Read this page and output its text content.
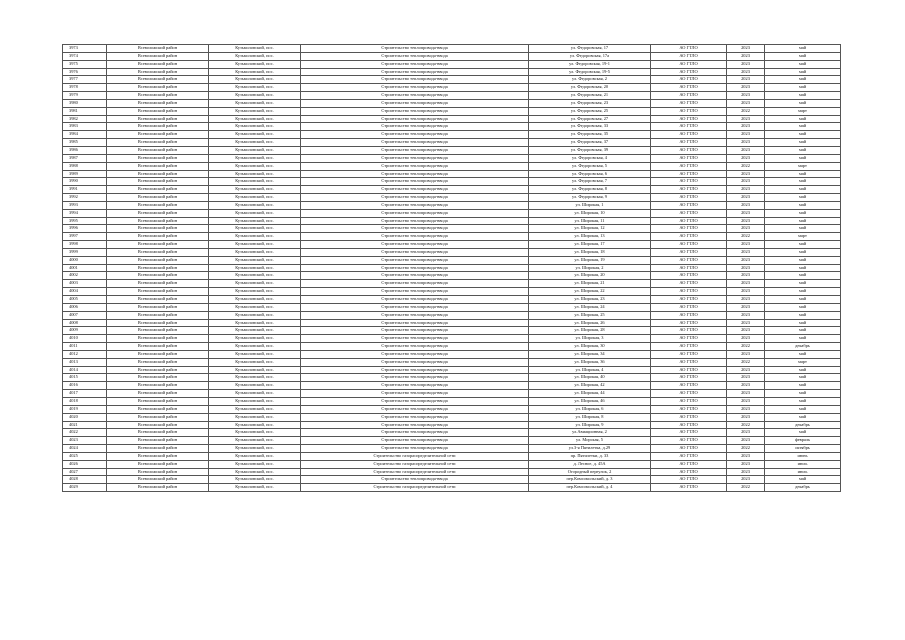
3973	Всеволожский район	Кузьмоловский, пос.	Строительство теплопровода-ввода	ул. Федоровская, 17	АО ГТЛО	2023	май
3974	Всеволожский район	Кузьмоловский, пос.	Строительство теплопровода-ввода	ул. Федоровская, 17а	АО ГТЛО	2023	май
3975	Всеволожский район	Кузьмоловский, пос.	Строительство теплопровода-ввода	ул. Федоровская, 19-1	АО ГТЛО	2023	май
3976	Всеволожский район	Кузьмоловский, пос.	Строительство теплопровода-ввода	ул. Федоровская, 19-5	АО ГТЛО	2023	май
3977	Всеволожский район	Кузьмоловский, пос.	Строительство теплопровода-ввода	ул. Федоровская, 2	АО ГТЛО	2023	май
3978	Всеволожский район	Кузьмоловский, пос.	Строительство теплопровода-ввода	ул. Федоровская, 20	АО ГТЛО	2023	май
3979	Всеволожский район	Кузьмоловский, пос.	Строительство теплопровода-ввода	ул. Федоровская, 21	АО ГТЛО	2023	май
3980	Всеволожский район	Кузьмоловский, пос.	Строительство теплопровода-ввода	ул. Федоровская, 23	АО ГТЛО	2023	май
3981	Всеволожский район	Кузьмоловский, пос.	Строительство теплопровода-ввода	ул. Федоровская, 25	АО ГТЛО	2022	март
3982	Всеволожский район	Кузьмоловский, пос.	Строительство теплопровода-ввода	ул. Федоровская, 27	АО ГТЛО	2023	май
3983	Всеволожский район	Кузьмоловский, пос.	Строительство теплопровода-ввода	ул. Федоровская, 33	АО ГТЛО	2023	май
3984	Всеволожский район	Кузьмоловский, пос.	Строительство теплопровода-ввода	ул. Федоровская, 35	АО ГТЛО	2023	май
3985	Всеволожский район	Кузьмоловский, пос.	Строительство теплопровода-ввода	ул. Федоровская, 37	АО ГТЛО	2023	май
3986	Всеволожский район	Кузьмоловский, пос.	Строительство теплопровода-ввода	ул. Федоровская, 39	АО ГТЛО	2023	май
3987	Всеволожский район	Кузьмоловский, пос.	Строительство теплопровода-ввода	ул. Федоровская, 4	АО ГТЛО	2023	май
3988	Всеволожский район	Кузьмоловский, пос.	Строительство теплопровода-ввода	ул. Федоровская, 5	АО ГТЛО	2022	март
3989	Всеволожский район	Кузьмоловский, пос.	Строительство теплопровода-ввода	ул. Федоровская, 6	АО ГТЛО	2023	май
3990	Всеволожский район	Кузьмоловский, пос.	Строительство теплопровода-ввода	ул. Федоровская, 7	АО ГТЛО	2023	май
3991	Всеволожский район	Кузьмоловский, пос.	Строительство теплопровода-ввода	ул. Федоровская, 8	АО ГТЛО	2023	май
3992	Всеволожский район	Кузьмоловский, пос.	Строительство теплопровода-ввода	ул. Федоровская, 9	АО ГТЛО	2023	май
3993	Всеволожский район	Кузьмоловский, пос.	Строительство теплопровода-ввода	ул. Широкая, 1	АО ГТЛО	2023	май
3994	Всеволожский район	Кузьмоловский, пос.	Строительство теплопровода-ввода	ул. Широкая, 10	АО ГТЛО	2023	май
3995	Всеволожский район	Кузьмоловский, пос.	Строительство теплопровода-ввода	ул. Широкая, 11	АО ГТЛО	2023	май
3996	Всеволожский район	Кузьмоловский, пос.	Строительство теплопровода-ввода	ул. Широкая, 12	АО ГТЛО	2023	май
3997	Всеволожский район	Кузьмоловский, пос.	Строительство теплопровода-ввода	ул. Широкая, 13	АО ГТЛО	2022	март
3998	Всеволожский район	Кузьмоловский, пос.	Строительство теплопровода-ввода	ул. Широкая, 17	АО ГТЛО	2023	май
3999	Всеволожский район	Кузьмоловский, пос.	Строительство теплопровода-ввода	ул. Широкая, 18	АО ГТЛО	2023	май
4000	Всеволожский район	Кузьмоловский, пос.	Строительство теплопровода-ввода	ул. Широкая, 19	АО ГТЛО	2023	май
4001	Всеволожский район	Кузьмоловский, пос.	Строительство теплопровода-ввода	ул. Широкая, 2	АО ГТЛО	2023	май
4002	Всеволожский район	Кузьмоловский, пос.	Строительство теплопровода-ввода	ул. Широкая, 20	АО ГТЛО	2023	май
4003	Всеволожский район	Кузьмоловский, пос.	Строительство теплопровода-ввода	ул. Широкая, 21	АО ГТЛО	2023	май
4004	Всеволожский район	Кузьмоловский, пос.	Строительство теплопровода-ввода	ул. Широкая, 22	АО ГТЛО	2023	май
4005	Всеволожский район	Кузьмоловский, пос.	Строительство теплопровода-ввода	ул. Широкая, 23	АО ГТЛО	2023	май
4006	Всеволожский район	Кузьмоловский, пос.	Строительство теплопровода-ввода	ул. Широкая, 24	АО ГТЛО	2023	май
4007	Всеволожский район	Кузьмоловский, пос.	Строительство теплопровода-ввода	ул. Широкая, 25	АО ГТЛО	2023	май
4008	Всеволожский район	Кузьмоловский, пос.	Строительство теплопровода-ввода	ул. Широкая, 26	АО ГТЛО	2023	май
4009	Всеволожский район	Кузьмоловский, пос.	Строительство теплопровода-ввода	ул. Широкая, 28	АО ГТЛО	2023	май
4010	Всеволожский район	Кузьмоловский, пос.	Строительство теплопровода-ввода	ул. Широкая, 3	АО ГТЛО	2023	май
4011	Всеволожский район	Кузьмоловский, пос.	Строительство теплопровода-ввода	ул. Широкая, 30	АО ГТЛО	2022	декабрь
4012	Всеволожский район	Кузьмоловский, пос.	Строительство теплопровода-ввода	ул. Широкая, 34	АО ГТЛО	2023	май
4013	Всеволожский район	Кузьмоловский, пос.	Строительство теплопровода-ввода	ул. Широкая, 36	АО ГТЛО	2022	март
4014	Всеволожский район	Кузьмоловский, пос.	Строительство теплопровода-ввода	ул. Широкая, 4	АО ГТЛО	2023	май
4015	Всеволожский район	Кузьмоловский, пос.	Строительство теплопровода-ввода	ул. Широкая, 40	АО ГТЛО	2023	май
4016	Всеволожский район	Кузьмоловский, пос.	Строительство теплопровода-ввода	ул. Широкая, 42	АО ГТЛО	2023	май
4017	Всеволожский район	Кузьмоловский, пос.	Строительство теплопровода-ввода	ул. Широкая, 44	АО ГТЛО	2023	май
4018	Всеволожский район	Кузьмоловский, пос.	Строительство теплопровода-ввода	ул. Широкая, 46	АО ГТЛО	2023	май
4019	Всеволожский район	Кузьмоловский, пос.	Строительство теплопровода-ввода	ул. Широкая, 6	АО ГТЛО	2023	май
4020	Всеволожский район	Кузьмоловский, пос.	Строительство теплопровода-ввода	ул. Широкая, 8	АО ГТЛО	2023	май
4021	Всеволожский район	Кузьмоловский, пос.	Строительство теплопровода-ввода	ул. Широкая, 9	АО ГТЛО	2022	декабрь
4022	Всеволожский район	Кузьмоловский, пос.	Строительство теплопровода-ввода	ул.Авиационная, 2	АО ГТЛО	2023	май
4023	Всеволожский район	Кузьмоловский, пос.	Строительство теплопровода-ввода	ул. Морская, 5	АО ГТЛО	2023	февраль
4024	Всеволожский район	Кузьмоловский, пос.	Строительство теплопровода-ввода	ул.3-я Пятилетка, д.29	АО ГТЛО	2022	октябрь
4025	Всеволожский район	Кузьмоловский, пос.	Строительство газораспределительной сети	пр. Пятилетки, д. 33	АО ГТЛО	2023	июнь
4026	Всеволожский район	Кузьмоловский, пос.	Строительство газораспределительной сети	д. Лесное, д. 45А	АО ГТЛО	2023	июль
4027	Всеволожский район	Кузьмоловский, пос.	Строительство газораспределительной сети	Огородный переулок, 2	АО ГТЛО	2023	июль
4028	Всеволожский район	Кузьмоловский, пос.	Строительство теплопровода-ввода	пер.Комсомольский, д. 3	АО ГТЛО	2023	май
4029	Всеволожский район	Кузьмоловский, пос.	Строительство газораспределительной сети	пер.Комсомольский, д. 4	АО ГТЛО	2022	декабрь
